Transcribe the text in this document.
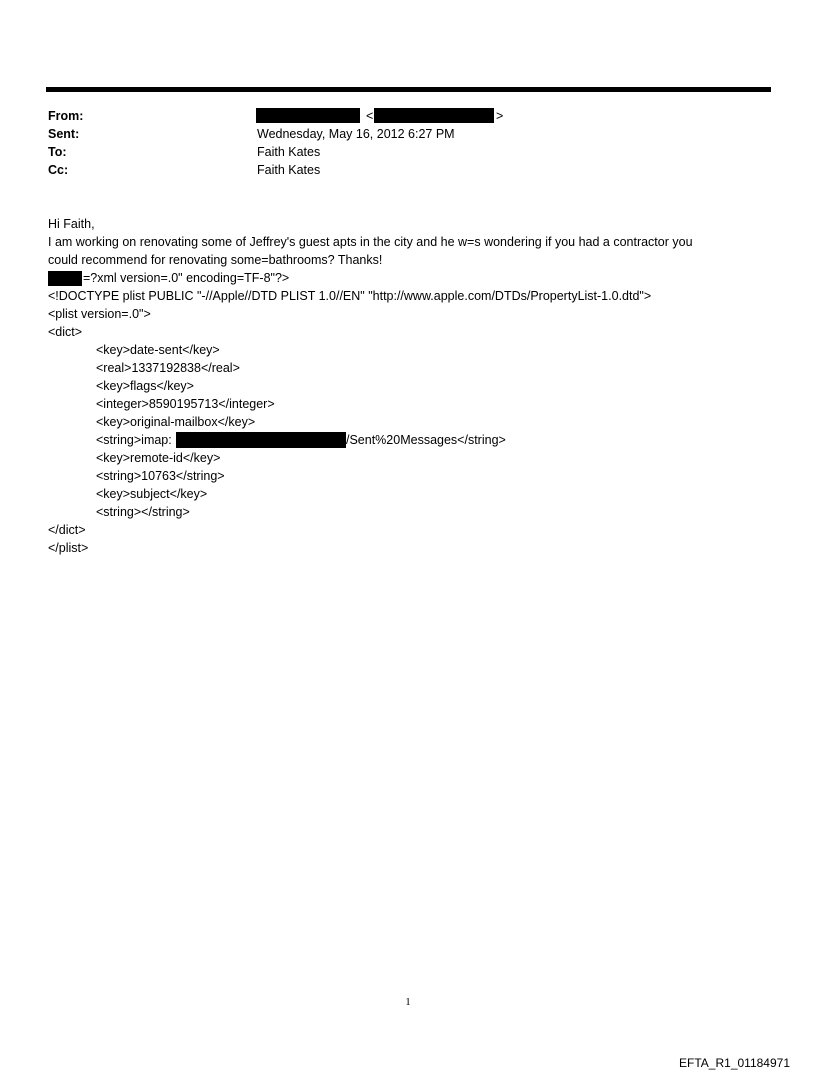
From:	<	>
Sent:	Wednesday, May 16, 2012 6:27 PM
To:	Faith Kates
Cc:	Faith Kates
Hi Faith,
I am working on renovating some of Jeffrey's guest apts in the city and he w=s wondering if you had a contractor you
could recommend for renovating some=bathrooms? Thanks!
=?xml version=.0" encoding=TF-8"?>
<!DOCTYPE plist PUBLIC "-//Apple//DTD PLIST 1.0//EN" "http://www.apple.com/DTDs/PropertyList-1.0.dtd">
<plist version=.0">
<dict>
<key>date-sent</key>
<real>1337192838</real>
<key>flags</key>
<integer>8590195713</integer>
<key>original-mailbox</key>
<string>imap:	/Sent%20Messages</string>
<key>remote-id</key>
<string>10763</string>
<key>subject</key>
<string></string>
</dict>
</plist>
1
EFTA_R1_01184971
